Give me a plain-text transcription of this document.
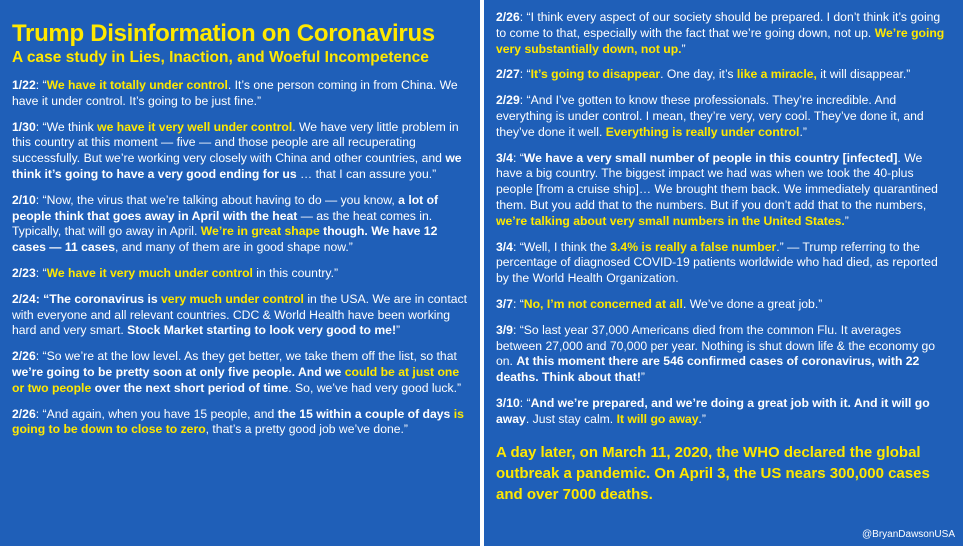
Trump Disinformation on Coronavirus
A case study in Lies, Inaction, and Woeful Incompetence

1/22: “We have it totally under control. It’s one person coming in from China. We have it under control. It’s going to be just fine.”

1/30: “We think we have it very well under control. We have very little problem in this country at this moment — five — and those people are all recuperating successfully. But we’re working very closely with China and other countries, and we think it’s going to have a very good ending for us … that I can assure you.”

2/10: “Now, the virus that we’re talking about having to do — you know, a lot of people think that goes away in April with the heat — as the heat comes in. Typically, that will go away in April. We’re in great shape though. We have 12 cases — 11 cases, and many of them are in good shape now.”

2/23: “We have it very much under control in this country.”

2/24: “The coronavirus is very much under control in the USA. We are in contact with everyone and all relevant countries. CDC & World Health have been working hard and very smart. Stock Market starting to look very good to me!”

2/26: “So we’re at the low level. As they get better, we take them off the list, so that we’re going to be pretty soon at only five people. And we could be at just one or two people over the next short period of time. So, we’ve had very good luck.”

2/26: “And again, when you have 15 people, and the 15 within a couple of days is going to be down to close to zero, that’s a pretty good job we’ve done.”

2/26: “I think every aspect of our society should be prepared. I don’t think it’s going to come to that, especially with the fact that we’re going down, not up. We’re going very substantially down, not up.”

2/27: “It’s going to disappear. One day, it’s like a miracle, it will disappear.”

2/29: “And I’ve gotten to know these professionals. They’re incredible. And everything is under control. I mean, they’re very, very cool. They’ve done it, and they’ve done it well. Everything is really under control.”

3/4: “We have a very small number of people in this country [infected]. We have a big country. The biggest impact we had was when we took the 40-plus people [from a cruise ship]… We brought them back. We immediately quarantined them. But you add that to the numbers. But if you don’t add that to the numbers, we’re talking about very small numbers in the United States.”

3/4: “Well, I think the 3.4% is really a false number.” — Trump referring to the percentage of diagnosed COVID-19 patients worldwide who had died, as reported by the World Health Organization.

3/7: “No, I’m not concerned at all. We’ve done a great job.”

3/9: “So last year 37,000 Americans died from the common Flu. It averages between 27,000 and 70,000 per year. Nothing is shut down life & the economy go on. At this moment there are 546 confirmed cases of coronavirus, with 22 deaths. Think about that!”

3/10: “And we’re prepared, and we’re doing a great job with it. And it will go away. Just stay calm. It will go away.”

A day later, on March 11, 2020, the WHO declared the global outbreak a pandemic. On April 3, the US nears 300,000 cases and over 7000 deaths.
@BryanDawsonUSA
